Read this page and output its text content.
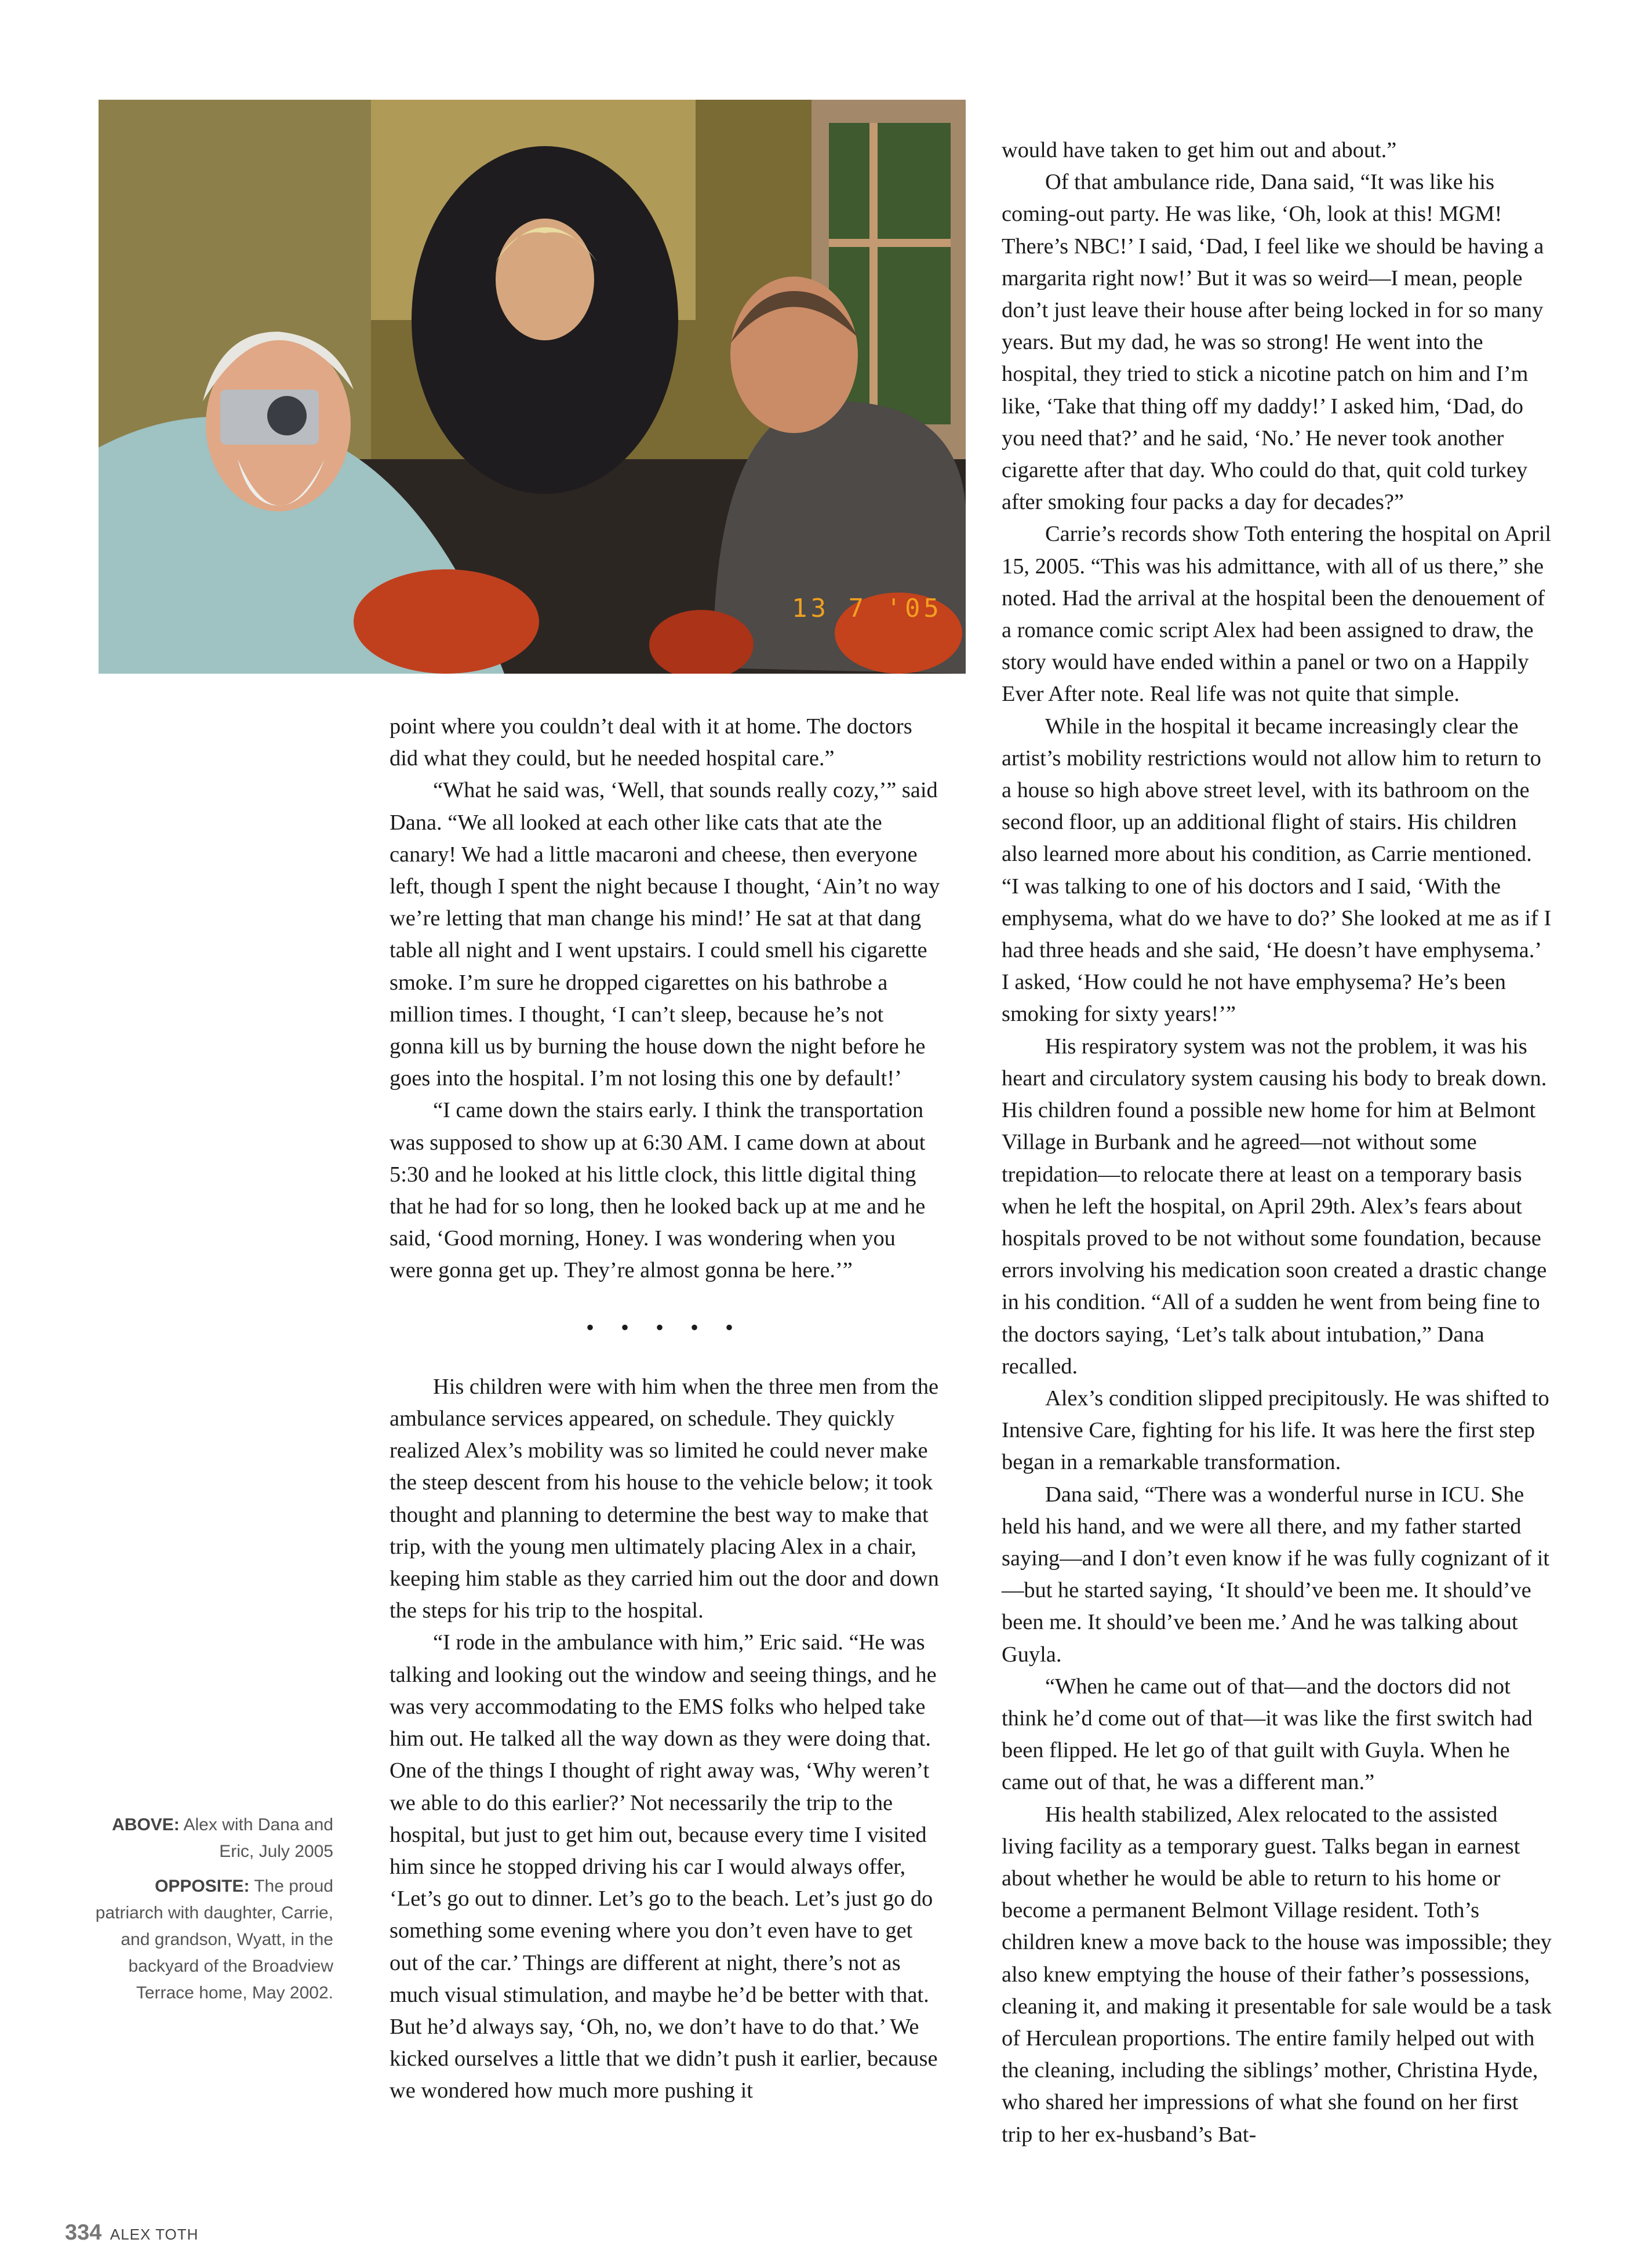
13 7 '05

point where you couldn’t deal with it at home. The doctors did what they could, but he needed hospital care.”

“What he said was, ‘Well, that sounds really cozy,’” said Dana. “We all looked at each other like cats that ate the canary! We had a little macaroni and cheese, then everyone left, though I spent the night because I thought, ‘Ain’t no way we’re letting that man change his mind!’ He sat at that dang table all night and I went upstairs. I could smell his cigarette smoke. I’m sure he dropped cigarettes on his bathrobe a million times. I thought, ‘I can’t sleep, because he’s not gonna kill us by burning the house down the night before he goes into the hospital. I’m not losing this one by default!’

“I came down the stairs early. I think the transportation was supposed to show up at 6:30 AM. I came down at about 5:30 and he looked at his little clock, this little digital thing that he had for so long, then he looked back up at me and he said, ‘Good morning, Honey. I was wondering when you were gonna get up. They’re almost gonna be here.’”

• • • • •

His children were with him when the three men from the ambulance services appeared, on schedule. They quickly realized Alex’s mobility was so limited he could never make the steep descent from his house to the vehicle below; it took thought and planning to determine the best way to make that trip, with the young men ultimately placing Alex in a chair, keeping him stable as they carried him out the door and down the steps for his trip to the hospital.

“I rode in the ambulance with him,” Eric said. “He was talking and looking out the window and seeing things, and he was very accommodating to the EMS folks who helped take him out. He talked all the way down as they were doing that. One of the things I thought of right away was, ‘Why weren’t we able to do this earlier?’ Not necessarily the trip to the hospital, but just to get him out, because every time I visited him since he stopped driving his car I would always offer, ‘Let’s go out to dinner. Let’s go to the beach. Let’s just go do something some evening where you don’t even have to get out of the car.’ Things are different at night, there’s not as much visual stimulation, and maybe he’d be better with that. But he’d always say, ‘Oh, no, we don’t have to do that.’ We kicked ourselves a little that we didn’t push it earlier, because we wondered how much more pushing it

would have taken to get him out and about.”

Of that ambulance ride, Dana said, “It was like his coming-out party. He was like, ‘Oh, look at this! MGM! There’s NBC!’ I said, ‘Dad, I feel like we should be having a margarita right now!’ But it was so weird—I mean, people don’t just leave their house after being locked in for so many years. But my dad, he was so strong! He went into the hospital, they tried to stick a nicotine patch on him and I’m like, ‘Take that thing off my daddy!’ I asked him, ‘Dad, do you need that?’ and he said, ‘No.’ He never took another cigarette after that day. Who could do that, quit cold turkey after smoking four packs a day for decades?”

Carrie’s records show Toth entering the hospital on April 15, 2005. “This was his admittance, with all of us there,” she noted. Had the arrival at the hospital been the denouement of a romance comic script Alex had been assigned to draw, the story would have ended within a panel or two on a Happily Ever After note. Real life was not quite that simple.

While in the hospital it became increasingly clear the artist’s mobility restrictions would not allow him to return to a house so high above street level, with its bathroom on the second floor, up an additional flight of stairs. His children also learned more about his condition, as Carrie mentioned. “I was talking to one of his doctors and I said, ‘With the emphysema, what do we have to do?’ She looked at me as if I had three heads and she said, ‘He doesn’t have emphysema.’ I asked, ‘How could he not have emphysema? He’s been smoking for sixty years!’”

His respiratory system was not the problem, it was his heart and circulatory system causing his body to break down. His children found a possible new home for him at Belmont Village in Burbank and he agreed—not without some trepidation—to relocate there at least on a temporary basis when he left the hospital, on April 29th. Alex’s fears about hospitals proved to be not without some foundation, because errors involving his medication soon created a drastic change in his condition. “All of a sudden he went from being fine to the doctors saying, ‘Let’s talk about intubation,” Dana recalled.

Alex’s condition slipped precipitously. He was shifted to Intensive Care, fighting for his life. It was here the first step began in a remarkable transformation.

Dana said, “There was a wonderful nurse in ICU. She held his hand, and we were all there, and my father started saying—and I don’t even know if he was fully cognizant of it—but he started saying, ‘It should’ve been me. It should’ve been me. It should’ve been me.’ And he was talking about Guyla.

“When he came out of that—and the doctors did not think he’d come out of that—it was like the first switch had been flipped. He let go of that guilt with Guyla. When he came out of that, he was a different man.”

His health stabilized, Alex relocated to the assisted living facility as a temporary guest. Talks began in earnest about whether he would be able to return to his home or become a permanent Belmont Village resident. Toth’s children knew a move back to the house was impossible; they also knew emptying the house of their father’s possessions, cleaning it, and making it presentable for sale would be a task of Herculean proportions. The entire family helped out with the cleaning, including the siblings’ mother, Christina Hyde, who shared her impressions of what she found on her first trip to her ex-husband’s Bat-

ABOVE: Alex with Dana and Eric, July 2005

OPPOSITE: The proud patriarch with daughter, Carrie, and grandson, Wyatt, in the backyard of the Broadview Terrace home, May 2002.

334 ALEX TOTH
